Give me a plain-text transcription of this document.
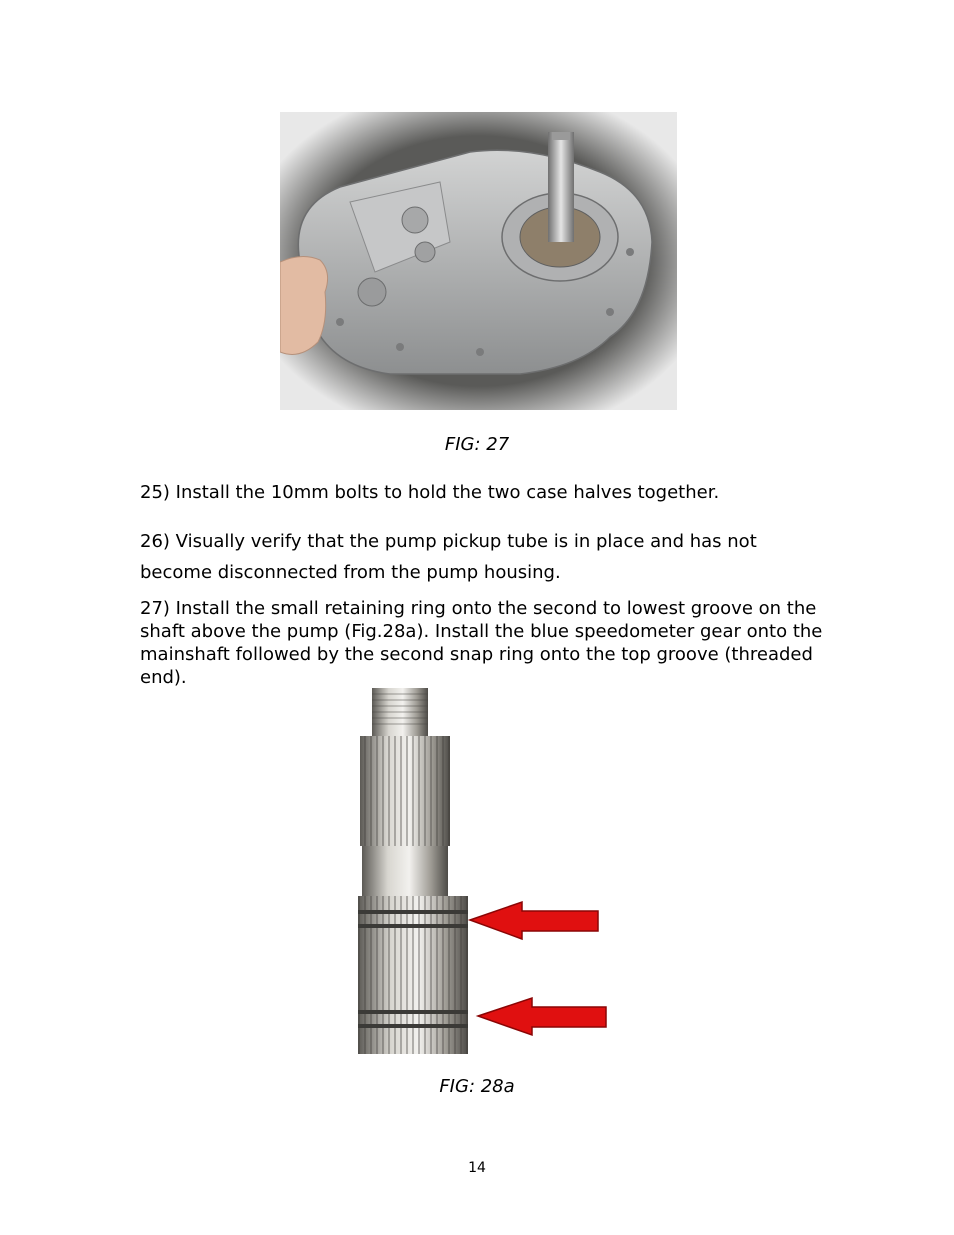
FIG: 27
25) Install the 10mm bolts to hold the two case halves together.
26) Visually verify that the pump pickup tube is in place and has not become disconnected from the pump housing.
27) Install the small retaining ring onto the second to lowest groove on the shaft above the pump (Fig.28a). Install the blue speedometer gear onto the mainshaft followed by the second snap ring onto the top groove (threaded end).
FIG: 28a
14
